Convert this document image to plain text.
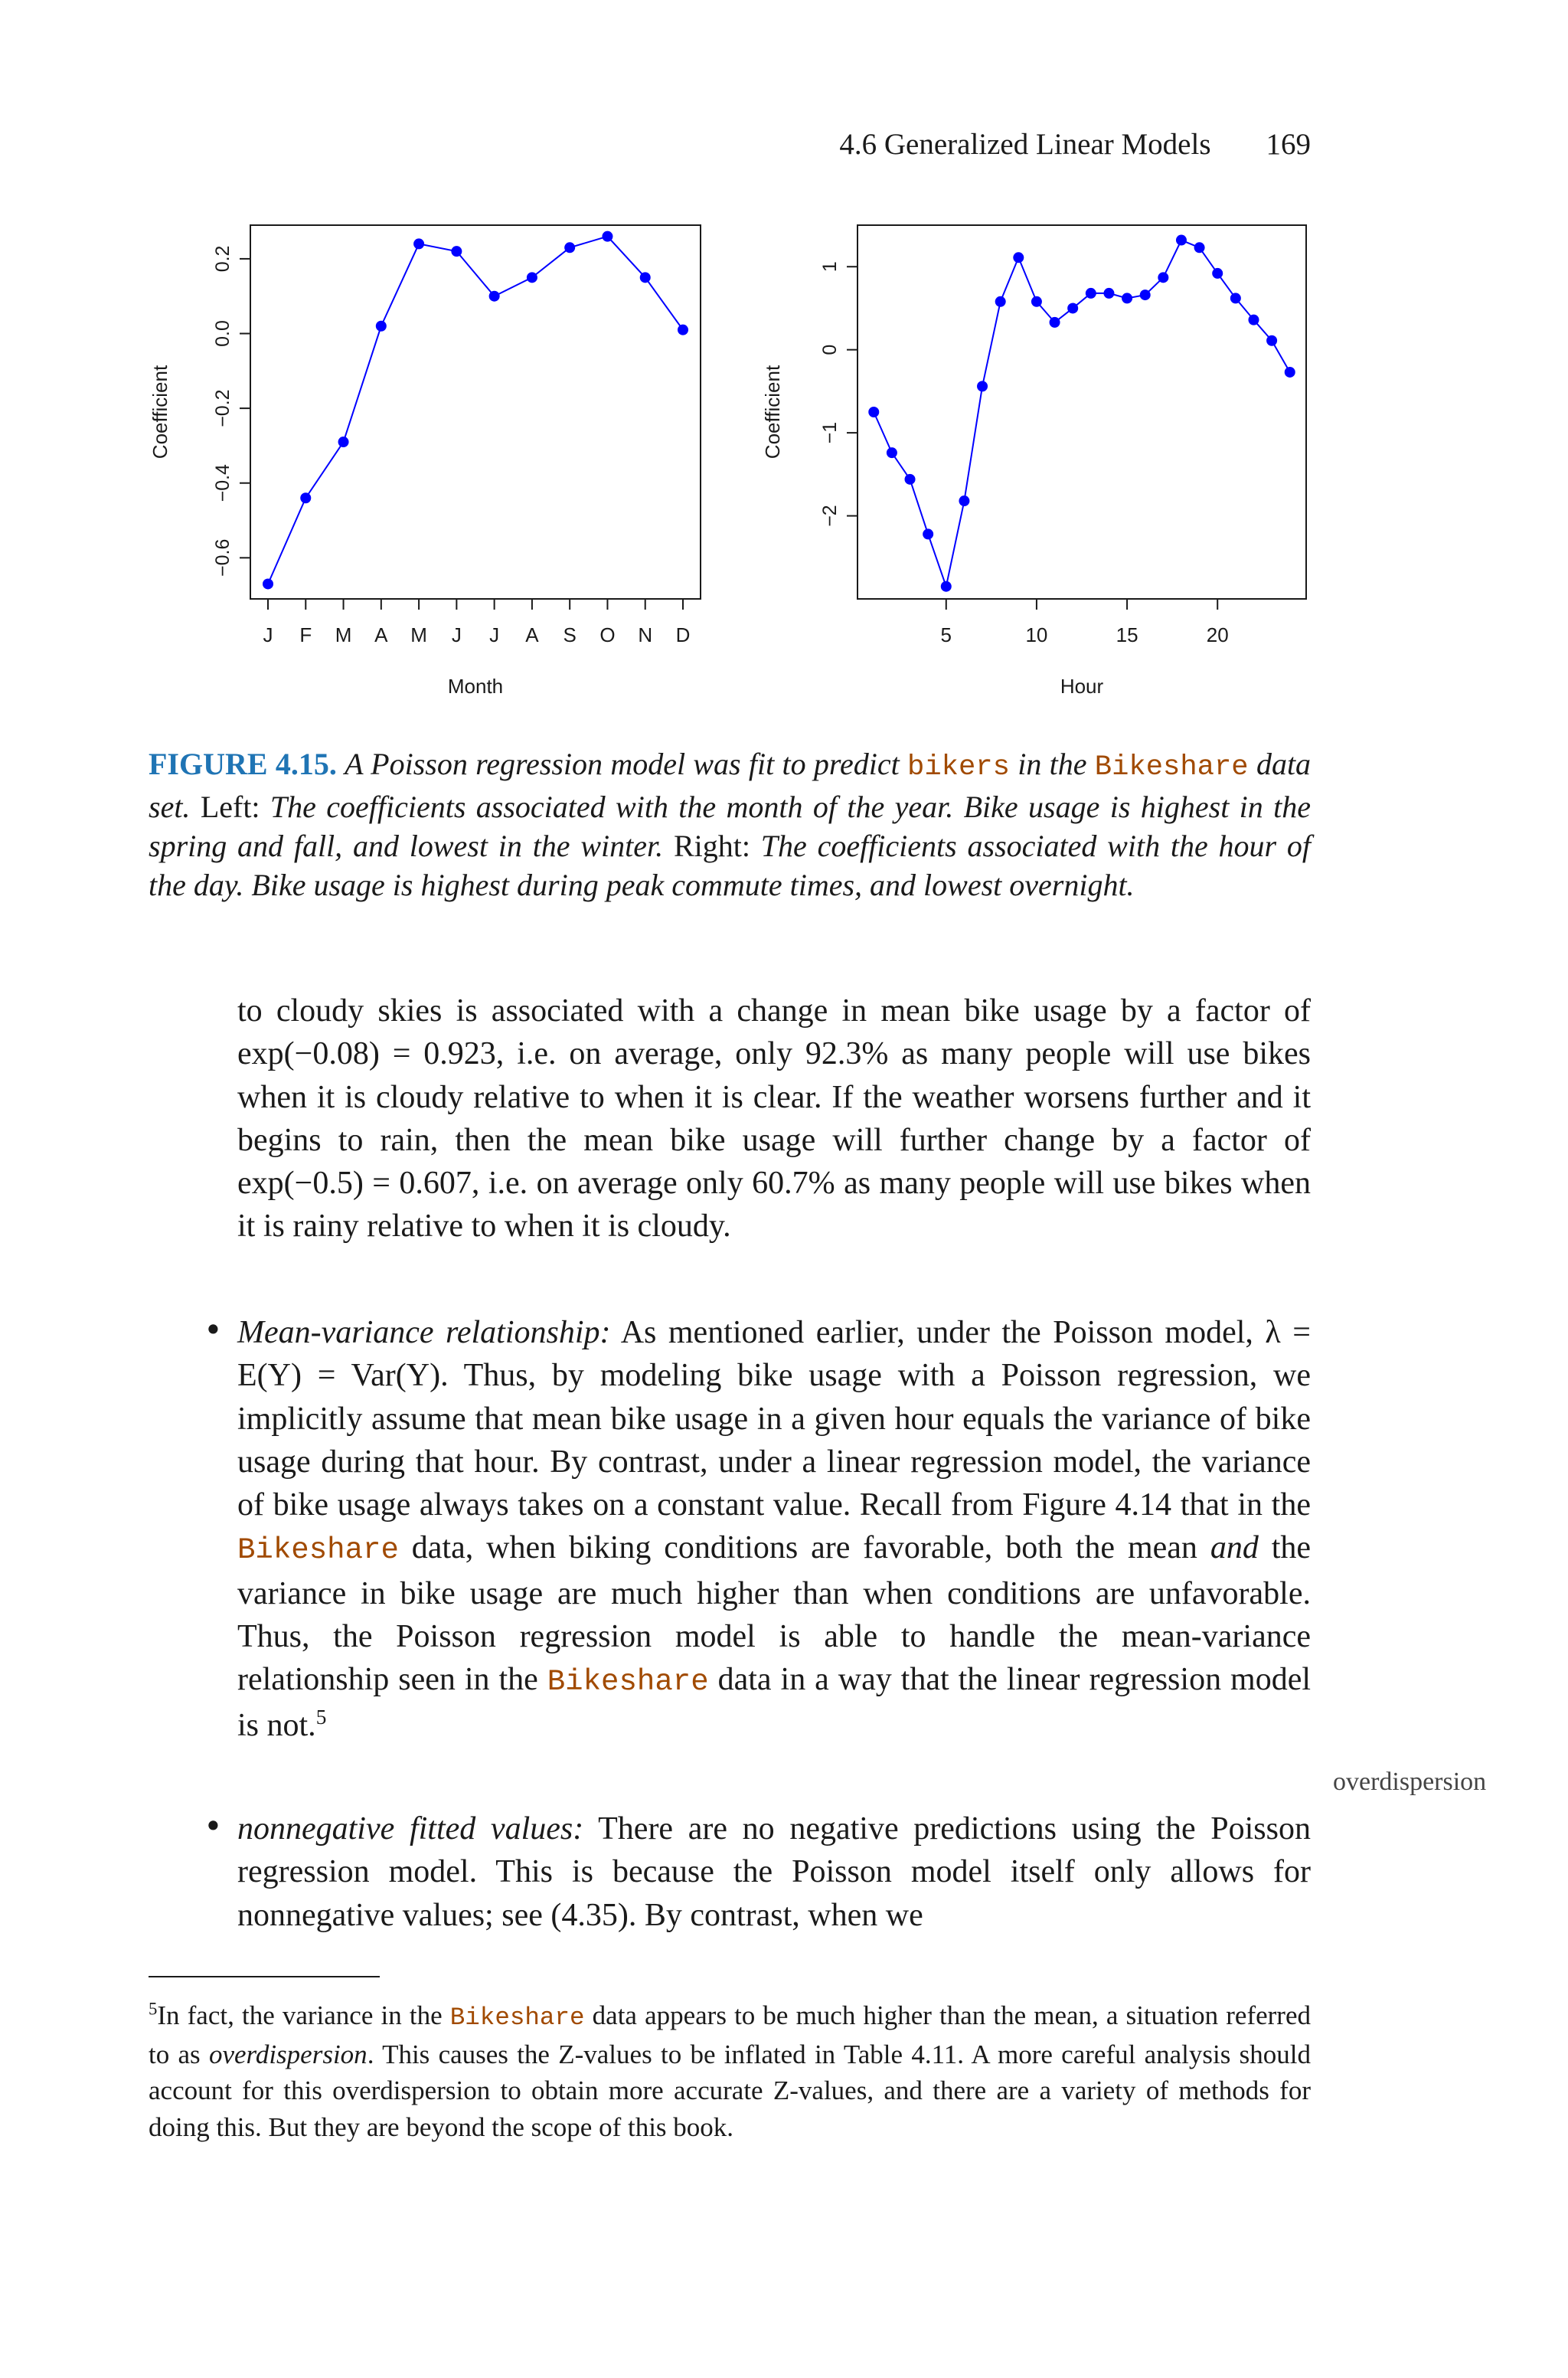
4.6 Generalized Linear Models 169
−0.6
−0.4
−0.2
0.0
0.2
J F M A M J J A S O N D
Month
Coefficient
−2
−1
0
1
5	10	15	20
Hour
Coefficient
FIGURE 4.15. A Poisson regression model was fit to predict bikers in the Bikeshare data set. Left: The coefficients associated with the month of the year. Bike usage is highest in the spring and fall, and lowest in the winter. Right: The coefficients associated with the hour of the day. Bike usage is highest during peak commute times, and lowest overnight.
to cloudy skies is associated with a change in mean bike usage by a factor of exp(−0.08) = 0.923, i.e. on average, only 92.3% as many people will use bikes when it is cloudy relative to when it is clear. If the weather worsens further and it begins to rain, then the mean bike usage will further change by a factor of exp(−0.5) = 0.607, i.e. on average only 60.7% as many people will use bikes when it is rainy relative to when it is cloudy.
• Mean-variance relationship: As mentioned earlier, under the Poisson model, λ = E(Y) = Var(Y). Thus, by modeling bike usage with a Poisson regression, we implicitly assume that mean bike usage in a given hour equals the variance of bike usage during that hour. By contrast, under a linear regression model, the variance of bike usage always takes on a constant value. Recall from Figure 4.14 that in the Bikeshare data, when biking conditions are favorable, both the mean and the variance in bike usage are much higher than when conditions are unfavorable. Thus, the Poisson regression model is able to handle the mean-variance relationship seen in the Bikeshare data in a way that the linear regression model is not.$^5$
overdispersion
• nonnegative fitted values: There are no negative predictions using the Poisson regression model. This is because the Poisson model itself only allows for nonnegative values; see (4.35). By contrast, when we
$^5$In fact, the variance in the Bikeshare data appears to be much higher than the mean, a situation referred to as overdispersion. This causes the Z-values to be inflated in Table 4.11. A more careful analysis should account for this overdispersion to obtain more accurate Z-values, and there are a variety of methods for doing this. But they are beyond the scope of this book.
